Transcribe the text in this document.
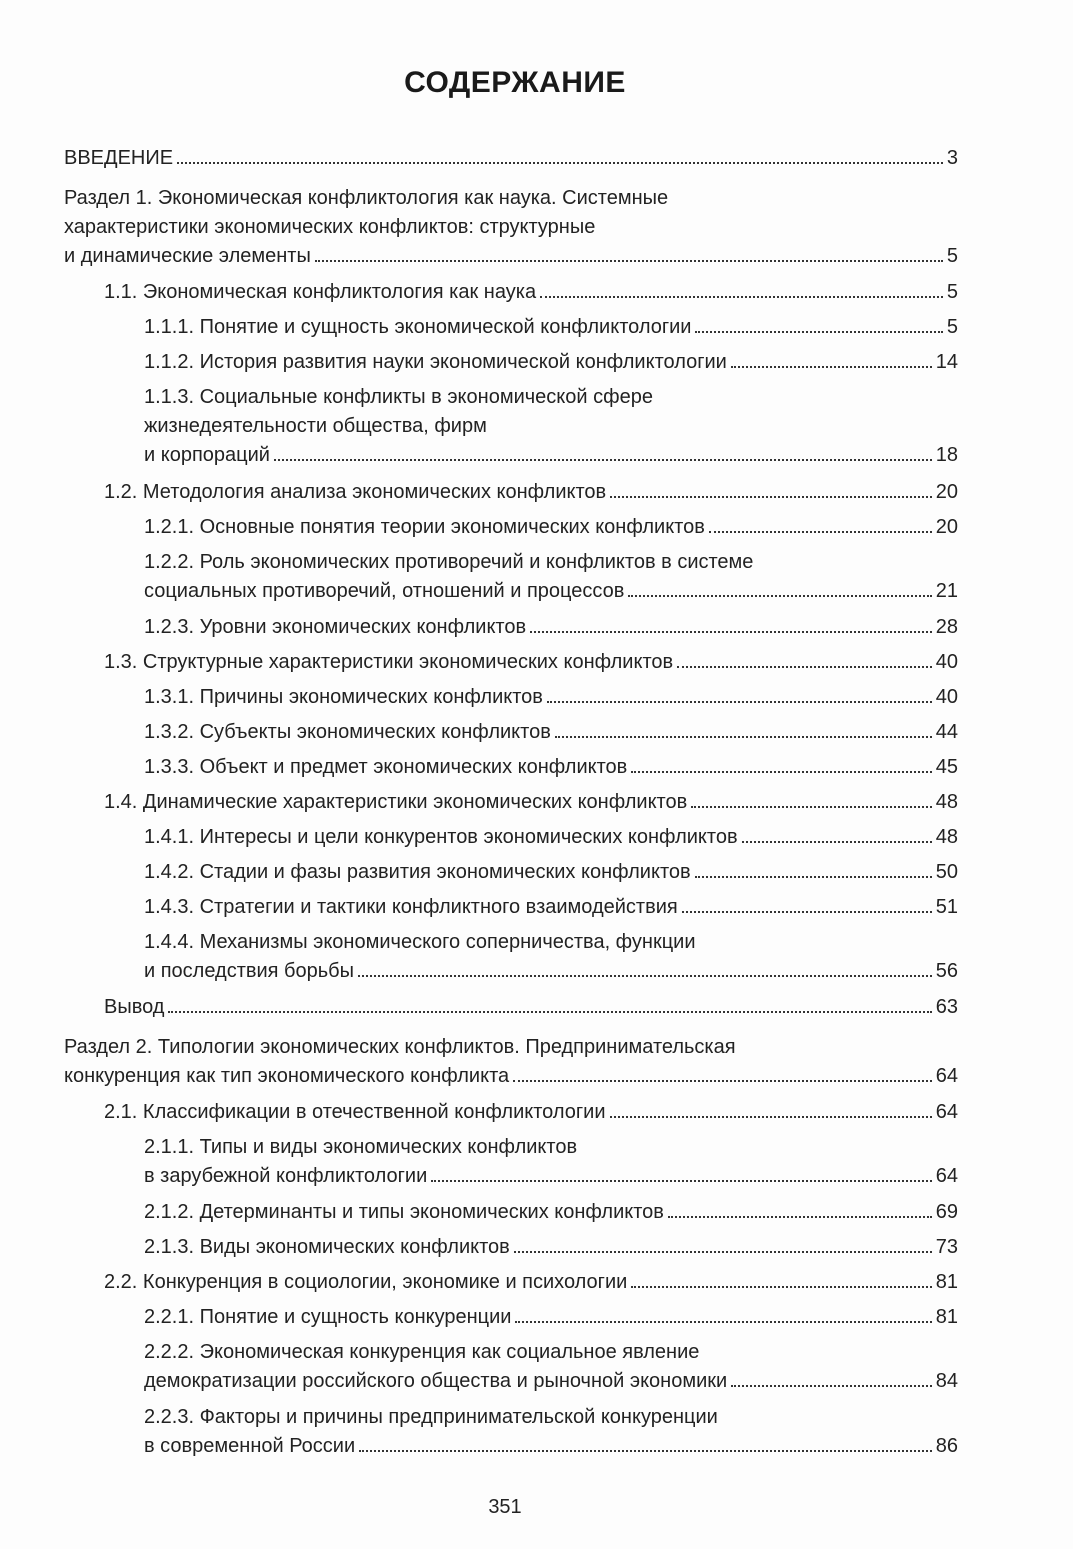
СОДЕРЖАНИЕ
ВВЕДЕНИЕ	3
Раздел 1. Экономическая конфликтология как наука. Системные
характеристики экономических конфликтов: структурные
и динамические элементы	5
1.1. Экономическая конфликтология как наука	5
1.1.1. Понятие и сущность экономической конфликтологии	5
1.1.2. История развития науки экономической конфликтологии	14
1.1.3. Социальные конфликты в экономической сфере
жизнедеятельности общества, фирм
и корпораций	18
1.2. Методология анализа экономических конфликтов	20
1.2.1. Основные понятия теории экономических конфликтов	20
1.2.2. Роль экономических противоречий и конфликтов в системе
социальных противоречий, отношений и процессов	21
1.2.3. Уровни экономических конфликтов	28
1.3. Структурные характеристики экономических конфликтов	40
1.3.1. Причины экономических конфликтов	40
1.3.2. Субъекты экономических конфликтов	44
1.3.3. Объект и предмет экономических конфликтов	45
1.4. Динамические характеристики экономических конфликтов	48
1.4.1. Интересы и цели конкурентов экономических конфликтов	48
1.4.2. Стадии и фазы развития экономических конфликтов	50
1.4.3. Стратегии и тактики конфликтного взаимодействия	51
1.4.4. Механизмы экономического соперничества, функции
и последствия борьбы	56
Вывод	63
Раздел 2. Типологии экономических конфликтов. Предпринимательская
конкуренция как тип экономического конфликта	64
2.1. Классификации в отечественной конфликтологии	64
2.1.1. Типы и виды экономических конфликтов
в зарубежной конфликтологии	64
2.1.2. Детерминанты и типы экономических конфликтов	69
2.1.3. Виды экономических конфликтов	73
2.2. Конкуренция в социологии, экономике и психологии	81
2.2.1. Понятие и сущность конкуренции	81
2.2.2. Экономическая конкуренция как социальное явление
демократизации российского общества и рыночной экономики	84
2.2.3. Факторы и причины предпринимательской конкуренции
в современной России	86
351
